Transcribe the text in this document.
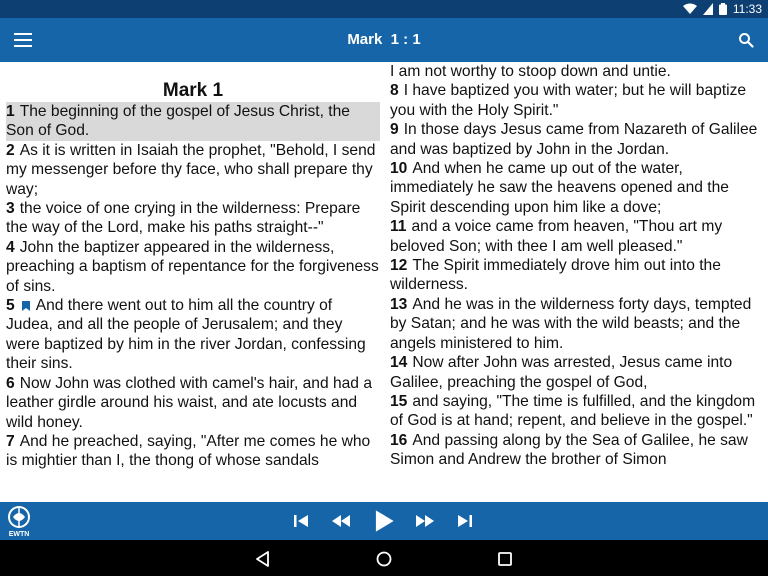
11:33
Mark  1 : 1
Mark 1
1 The beginning of the gospel of Jesus Christ, the Son of God.
2 As it is written in Isaiah the prophet, "Behold, I send my messenger before thy face, who shall prepare thy way;
3 the voice of one crying in the wilderness: Prepare the way of the Lord, make his paths straight--"
4 John the baptizer appeared in the wilderness, preaching a baptism of repentance for the forgiveness of sins.
5 And there went out to him all the country of Judea, and all the people of Jerusalem; and they were baptized by him in the river Jordan, confessing their sins.
6 Now John was clothed with camel's hair, and had a leather girdle around his waist, and ate locusts and wild honey.
7 And he preached, saying, "After me comes he who is mightier than I, the thong of whose sandals
I am not worthy to stoop down and untie.
8 I have baptized you with water; but he will baptize you with the Holy Spirit."
9 In those days Jesus came from Nazareth of Galilee and was baptized by John in the Jordan.
10 And when he came up out of the water, immediately he saw the heavens opened and the Spirit descending upon him like a dove;
11 and a voice came from heaven, "Thou art my beloved Son; with thee I am well pleased."
12 The Spirit immediately drove him out into the wilderness.
13 And he was in the wilderness forty days, tempted by Satan; and he was with the wild beasts; and the angels ministered to him.
14 Now after John was arrested, Jesus came into Galilee, preaching the gospel of God,
15 and saying, "The time is fulfilled, and the kingdom of God is at hand; repent, and believe in the gospel."
16 And passing along by the Sea of Galilee, he saw Simon and Andrew the brother of Simon
EWTN
